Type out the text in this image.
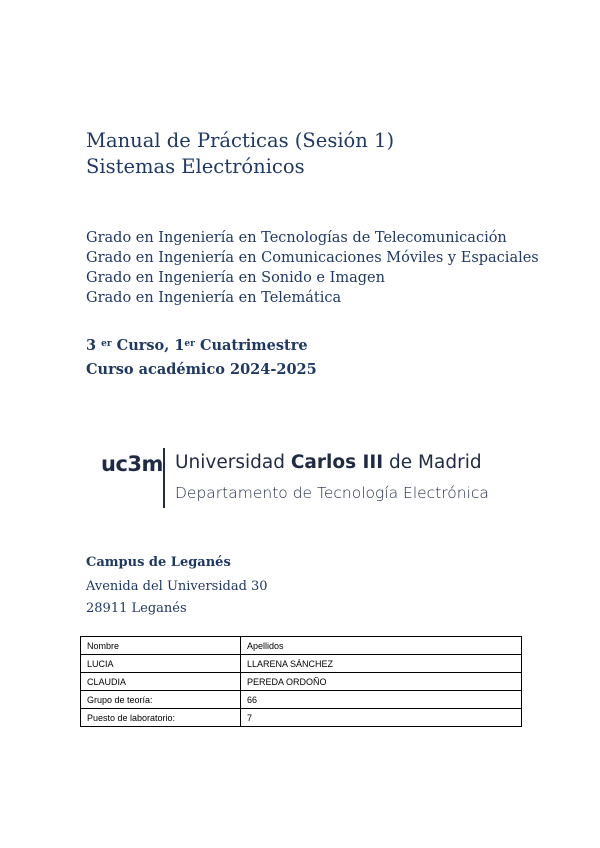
Manual de Prácticas (Sesión 1)
Sistemas Electrónicos
Grado en Ingeniería en Tecnologías de Telecomunicación
Grado en Ingeniería en Comunicaciones Móviles y Espaciales
Grado en Ingeniería en Sonido e Imagen
Grado en Ingeniería en Telemática
3 $^{er}$ Curso, 1er Cuatrimestre
Curso académico 2024-2025
uc3m Universidad Carlos III de Madrid
Departamento de Tecnología Electrónica
Campus de Leganés
Avenida del Universidad 30
28911 Leganés
Nombre	Apellidos
LUCIA	LLARENA SÁNCHEZ
CLAUDIA	PEREDA ORDOÑO
Grupo de teoría:	66
Puesto de laboratorio:	7
